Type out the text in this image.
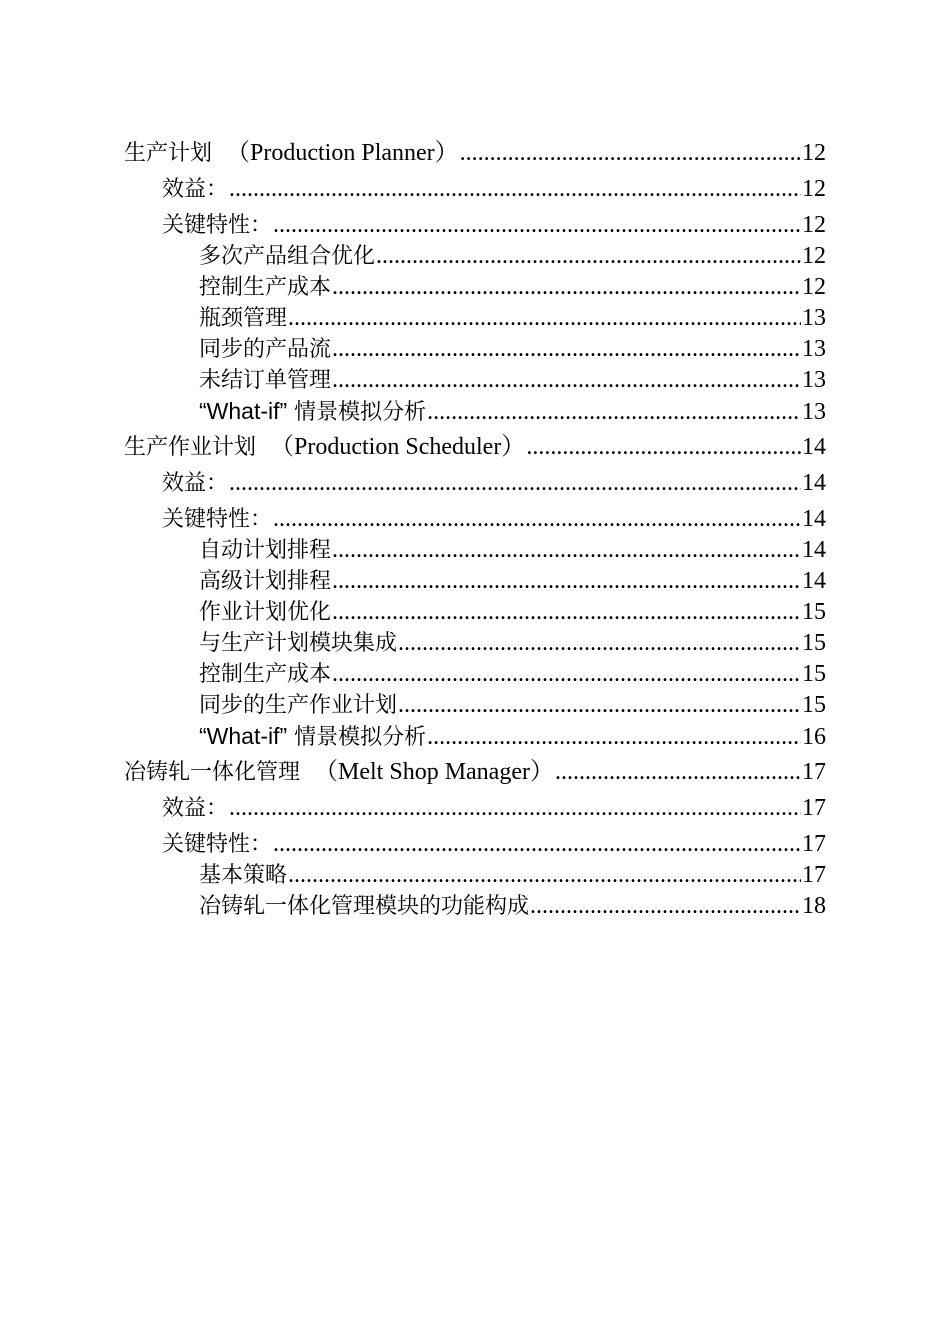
生产计划 （Production Planner） .....	12
效益： .....	12
关键特性： .....	12
多次产品组合优化 .....	12
控制生产成本 .....	12
瓶颈管理 .....	13
同步的产品流 .....	13
未结订单管理 .....	13
“What-if” 情景模拟分析 .....	13
生产作业计划 （Production Scheduler） .....	14
效益： .....	14
关键特性： .....	14
自动计划排程 .....	14
高级计划排程 .....	14
作业计划优化 .....	15
与生产计划模块集成 .....	15
控制生产成本 .....	15
同步的生产作业计划 .....	15
“What-if” 情景模拟分析 .....	16
冶铸轧一体化管理 （Melt Shop Manager） .....	17
效益： .....	17
关键特性： .....	17
基本策略 .....	17
冶铸轧一体化管理模块的功能构成 .....	18
